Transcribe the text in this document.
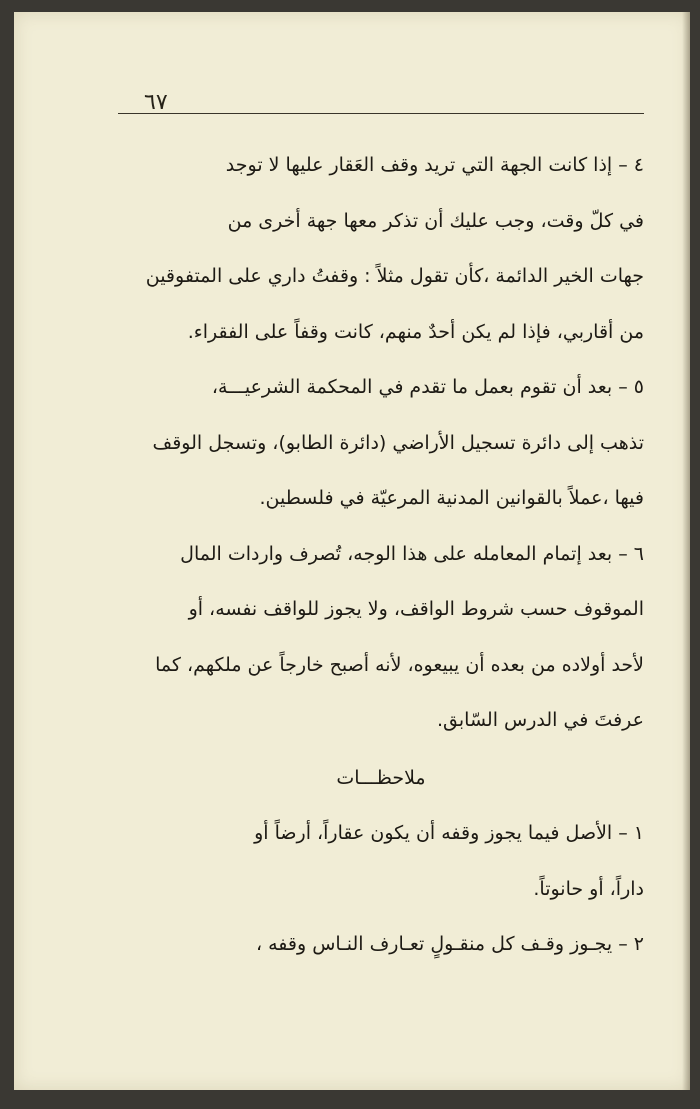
٦٧
٤ – إذا كانت الجهة التي تريد وقف العَقار عليها لا توجد
في كلّ وقت، وجب عليك أن تذكر معها جهة أخرى من
جهات الخير الدائمة ،كأن تقول مثلاً : وقفتُ داري على المتفوقين
من أقاربي، فإذا لم يكن أحدٌ منهم، كانت وقفاً على الفقراء.
٥ – بعد أن تقوم بعمل ما تقدم في المحكمة الشرعيـــة،
تذهب إلى دائرة تسجيل الأراضي (دائرة الطابو)، وتسجل الوقف
فيها ،عملاً بالقوانين المدنية المرعيّة في فلسطين.
٦ – بعد إتمام المعامله على هذا الوجه، تُصرف واردات المال
الموقوف حسب شروط الواقف، ولا يجوز للواقف نفسه، أو
لأحد أولاده من بعده أن يبيعوه، لأنه أصبح خارجاً عن ملكهم، كما
عرفتَ في الدرس السّابق.
ملاحظـــات
١ – الأصل فيما يجوز وقفه أن يكون عقاراً، أرضاً أو
داراً، أو حانوتاً.
٢ – يجـوز وقـف كل منقـولٍ تعـارف النـاس وقفه ،
